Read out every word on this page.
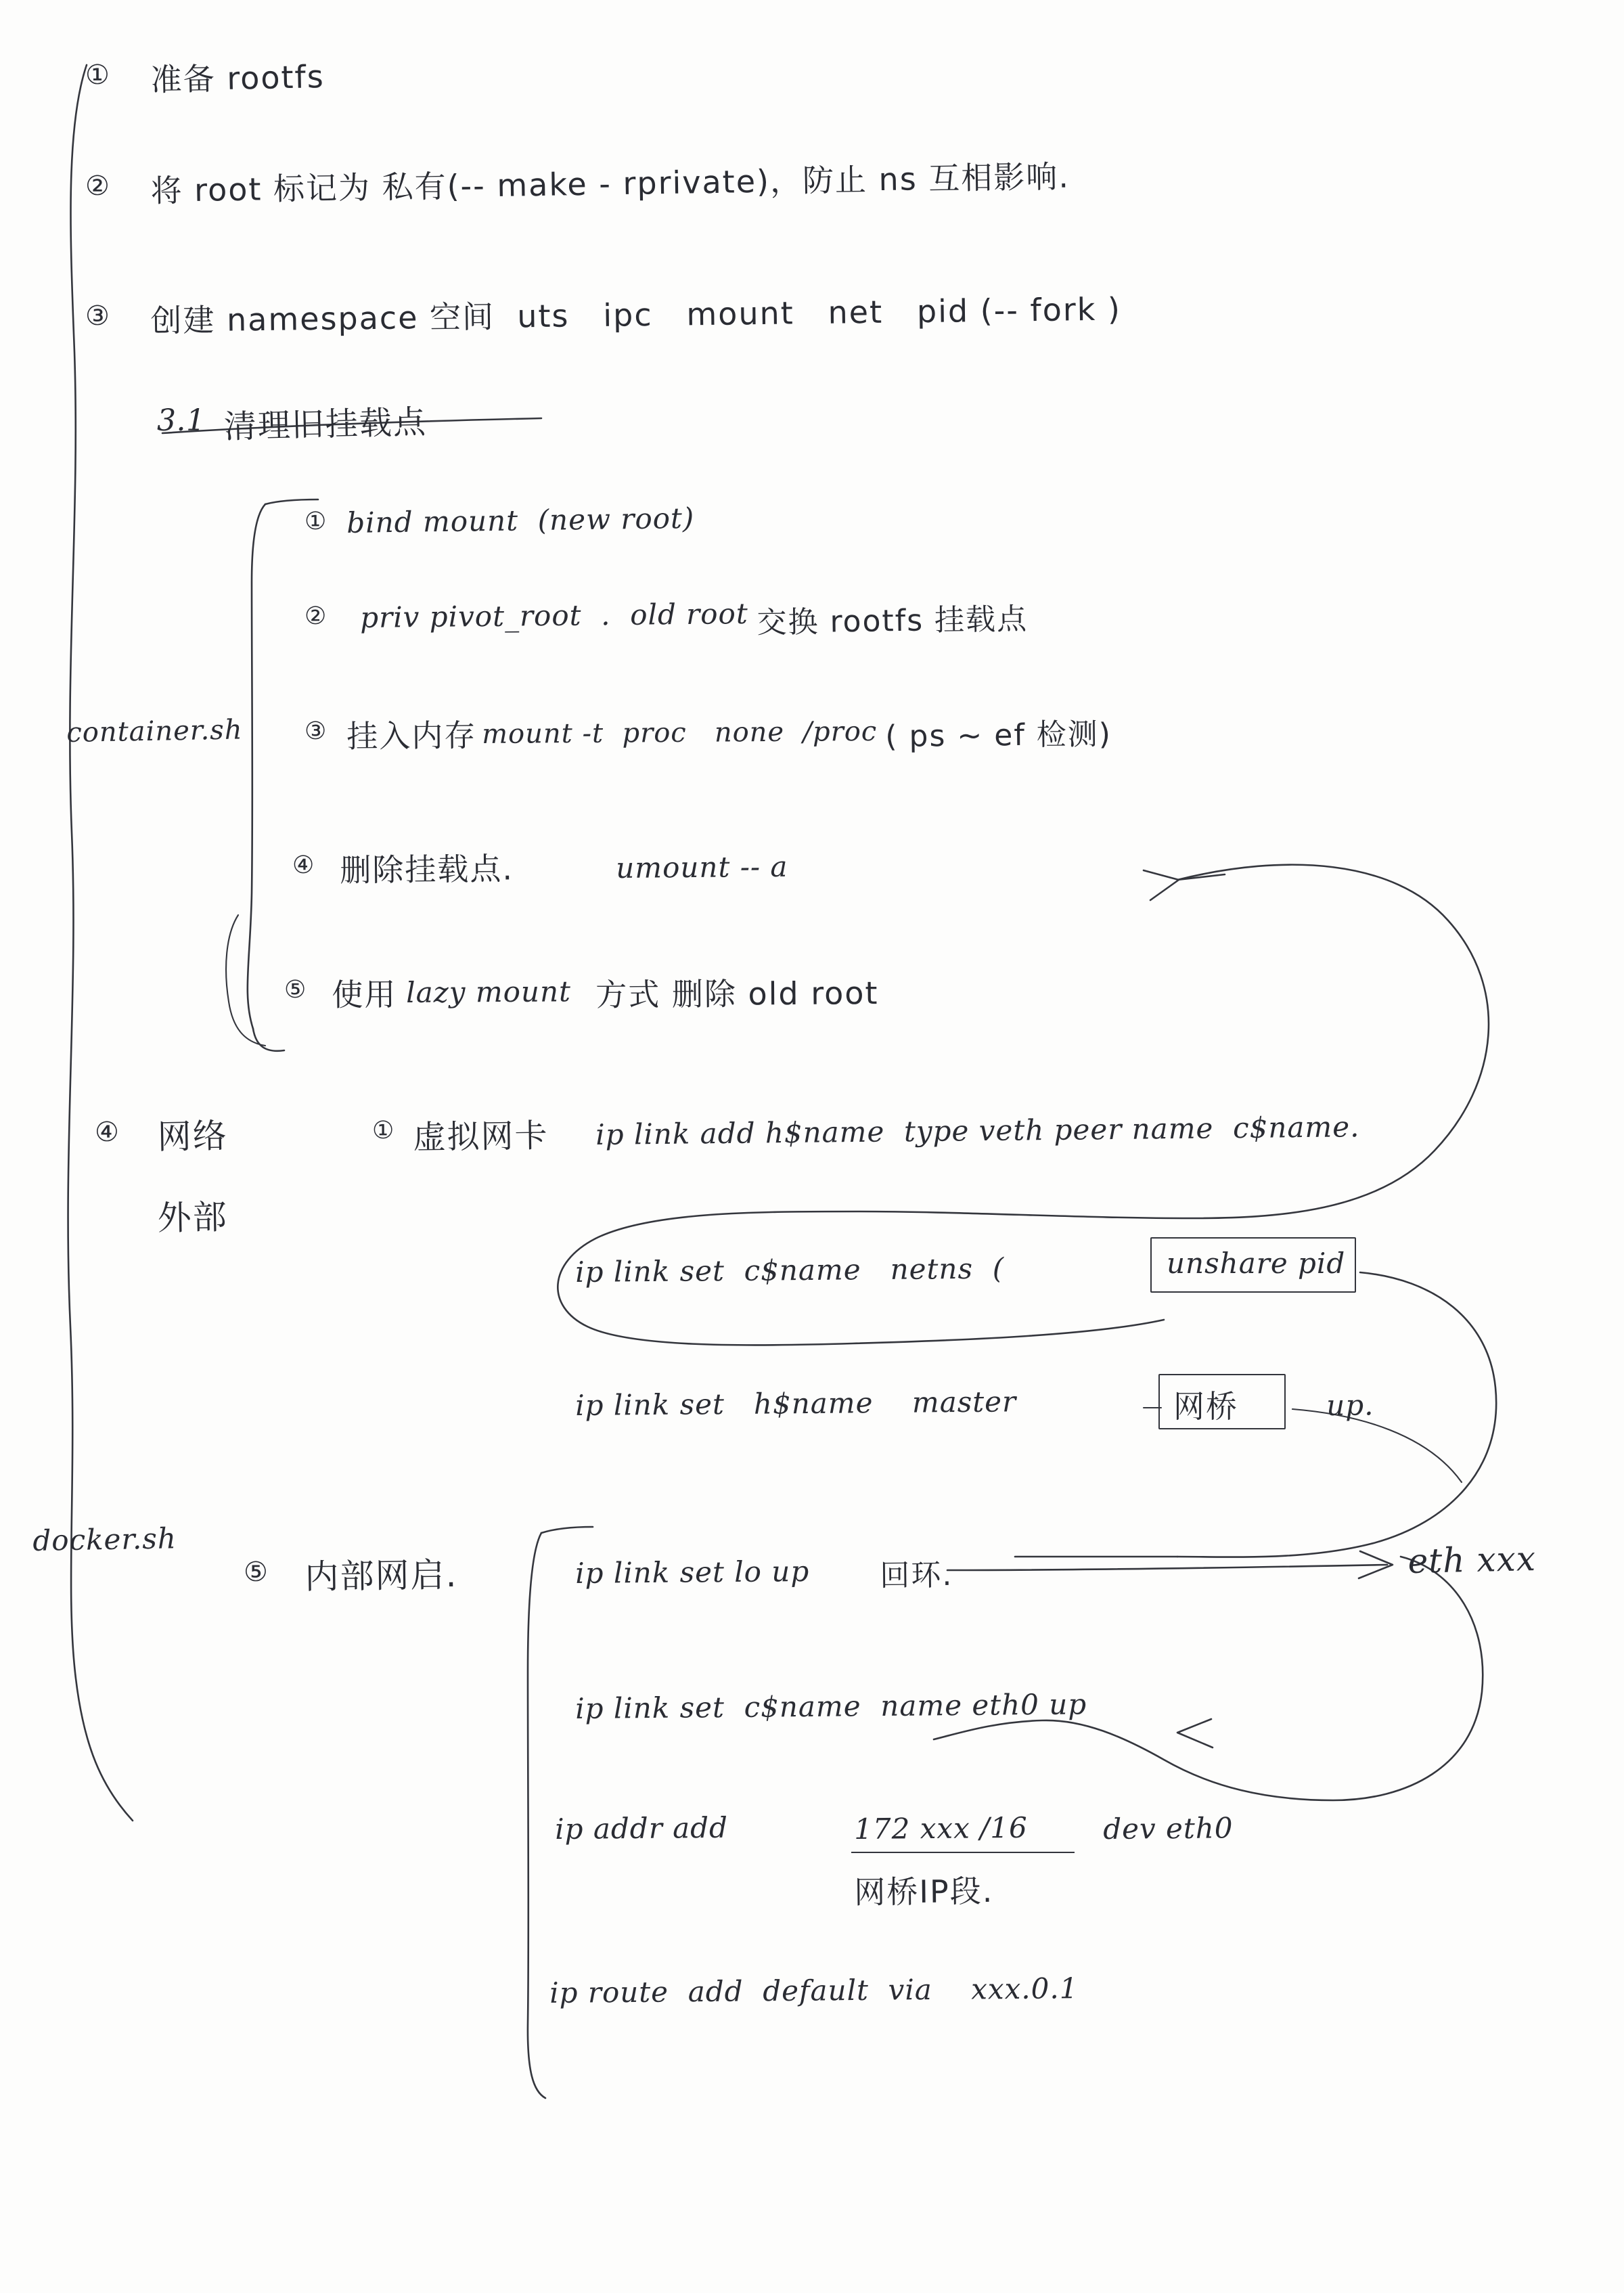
① 准备 rootfs
② 将 root 标记为 私有(-- make - rprivate)，防止 ns 互相影响.
③ 创建 namespace 空间  uts   ipc   mount   net   pid (-- fork )
3.1 清理旧挂载点
container.sh
① bind mount  (new root)
② priv pivot_root  .  old root 交换 rootfs 挂载点
③ 挂入内存 mount -t  proc   none  /proc ( ps ~ ef 检测)
④ 删除挂载点.	umount -- a
⑤ 使用 lazy mount 方式 删除 old root
④ 网络
外部
① 虚拟网卡 ip link add h$name  type veth peer name  c$name.
ip link set  c$name   netns  (
ip link set   h$name    master	up.
unshare pid
网桥
eth xxx
docker.sh
⑤ 内部网启.	ip link set lo up 回环.
ip link set  c$name  name eth0 up
ip addr add	172 xxx /16	dev eth0
网桥IP段.
ip route  add  default  via    xxx.0.1
